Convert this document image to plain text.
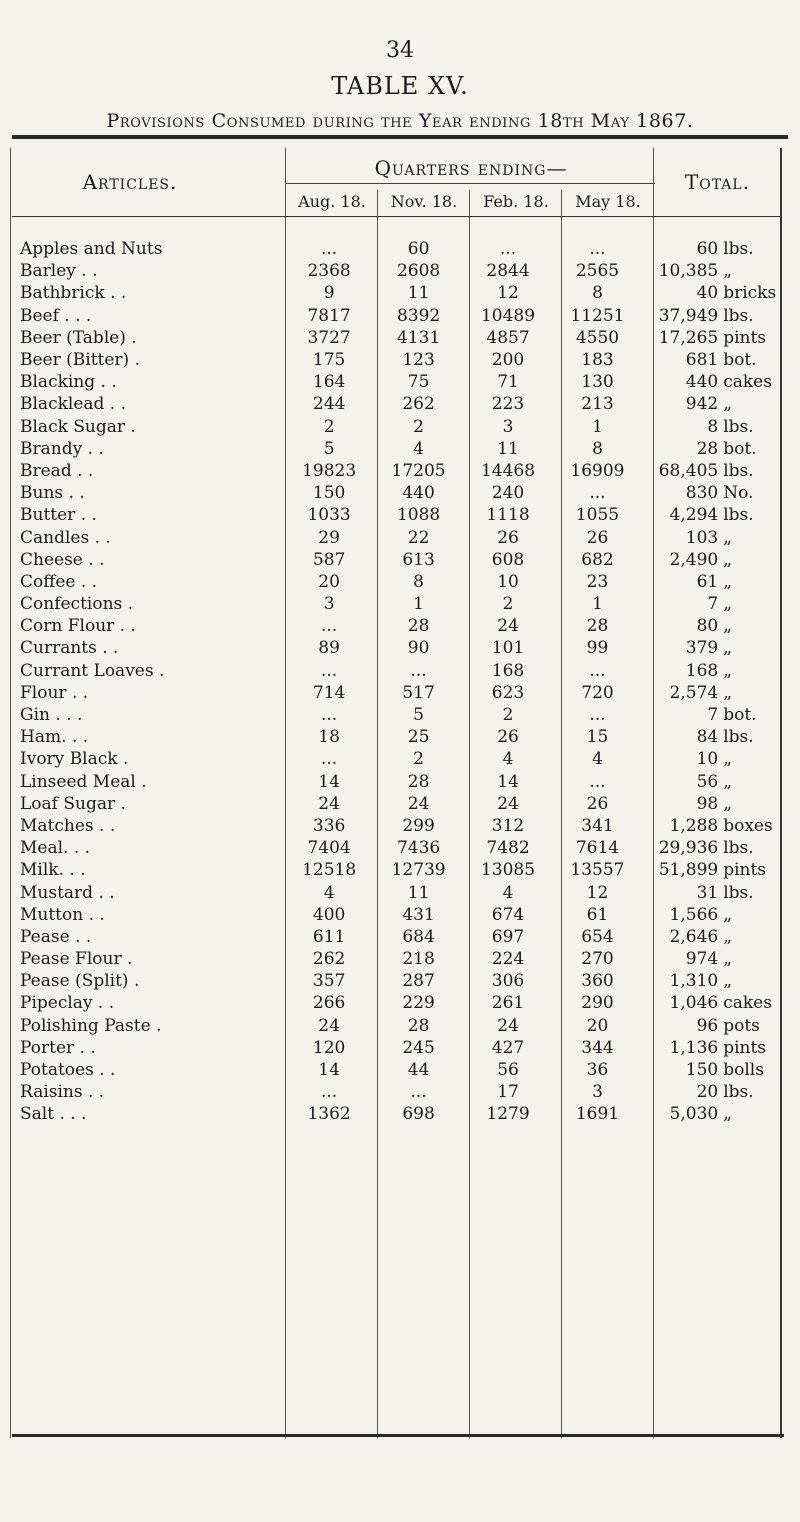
34
TABLE XV.
Provisions Consumed during the Year ending 18th May 1867.
Articles.
Quarters ending—
Total.
Aug. 18.	Nov. 18.	Feb. 18.	May 18.
Apples and Nuts	...	60	...	...	60 lbs.
Barley . .	2368	2608	2844	2565	10,385 „
Bathbrick . .	9	11	12	8	40 bricks
Beef . . .	7817	8392	10489	11251	37,949 lbs.
Beer (Table) .	3727	4131	4857	4550	17,265 pints
Beer (Bitter) .	175	123	200	183	681 bot.
Blacking . .	164	75	71	130	440 cakes
Blacklead . .	244	262	223	213	942 „
Black Sugar .	2	2	3	1	8 lbs.
Brandy . .	5	4	11	8	28 bot.
Bread . .	19823	17205	14468	16909	68,405 lbs.
Buns . .	150	440	240	...	830 No.
Butter . .	1033	1088	1118	1055	4,294 lbs.
Candles . .	29	22	26	26	103 „
Cheese . .	587	613	608	682	2,490 „
Coffee . .	20	8	10	23	61 „
Confections .	3	1	2	1	7 „
Corn Flour . .	...	28	24	28	80 „
Currants . .	89	90	101	99	379 „
Currant Loaves .	...	...	168	...	168 „
Flour . .	714	517	623	720	2,574 „
Gin . . .	...	5	2	...	7 bot.
Ham. . .	18	25	26	15	84 lbs.
Ivory Black .	...	2	4	4	10 „
Linseed Meal .	14	28	14	...	56 „
Loaf Sugar .	24	24	24	26	98 „
Matches . .	336	299	312	341	1,288 boxes
Meal. . .	7404	7436	7482	7614	29,936 lbs.
Milk. . .	12518	12739	13085	13557	51,899 pints
Mustard . .	4	11	4	12	31 lbs.
Mutton . .	400	431	674	61	1,566 „
Pease . .	611	684	697	654	2,646 „
Pease Flour .	262	218	224	270	974 „
Pease (Split) .	357	287	306	360	1,310 „
Pipeclay . .	266	229	261	290	1,046 cakes
Polishing Paste .	24	28	24	20	96 pots
Porter . .	120	245	427	344	1,136 pints
Potatoes . .	14	44	56	36	150 bolls
Raisins . .	...	...	17	3	20 lbs.
Salt . . .	1362	698	1279	1691	5,030 „
